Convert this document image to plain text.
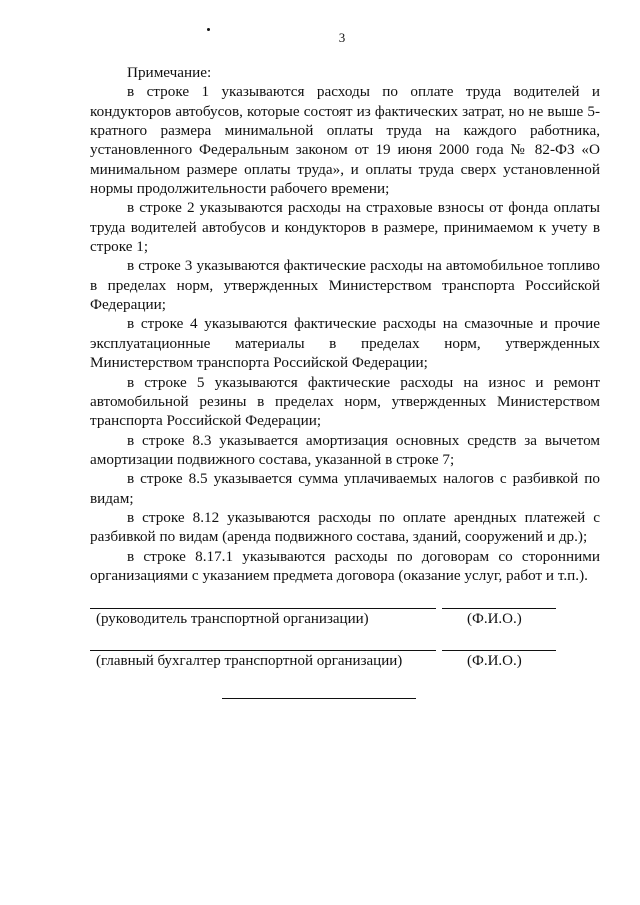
3

Примечание:

в строке 1 указываются расходы по оплате труда водителей и кондукторов автобусов, которые состоят из фактических затрат, но не выше 5-кратного размера минимальной оплаты труда на каждого работника, установленного Федеральным законом от 19 июня 2000 года № 82-ФЗ «О минимальном размере оплаты труда», и оплаты труда сверх установленной нормы продолжительности рабочего времени;

в строке 2 указываются расходы на страховые взносы от фонда оплаты труда водителей автобусов и кондукторов в размере, принимаемом к учету в строке 1;

в строке 3 указываются фактические расходы на автомобильное топливо в пределах норм, утвержденных Министерством транспорта Российской Федерации;

в строке 4 указываются фактические расходы на смазочные и прочие эксплуатационные материалы в пределах норм, утвержденных Министерством транспорта Российской Федерации;

в строке 5 указываются фактические расходы на износ и ремонт автомобильной резины в пределах норм, утвержденных Министерством транспорта Российской Федерации;

в строке 8.3 указывается амортизация основных средств за вычетом амортизации подвижного состава, указанной в строке 7;

в строке 8.5 указывается сумма уплачиваемых налогов с разбивкой по видам;

в строке 8.12 указываются расходы по оплате арендных платежей с разбивкой по видам (аренда подвижного состава, зданий, сооружений и др.);

в строке 8.17.1 указываются расходы по договорам со сторонними организациями с указанием предмета договора (оказание услуг, работ и т.п.).

(руководитель транспортной организации)	(Ф.И.О.)
(главный бухгалтер транспортной организации)	(Ф.И.О.)
